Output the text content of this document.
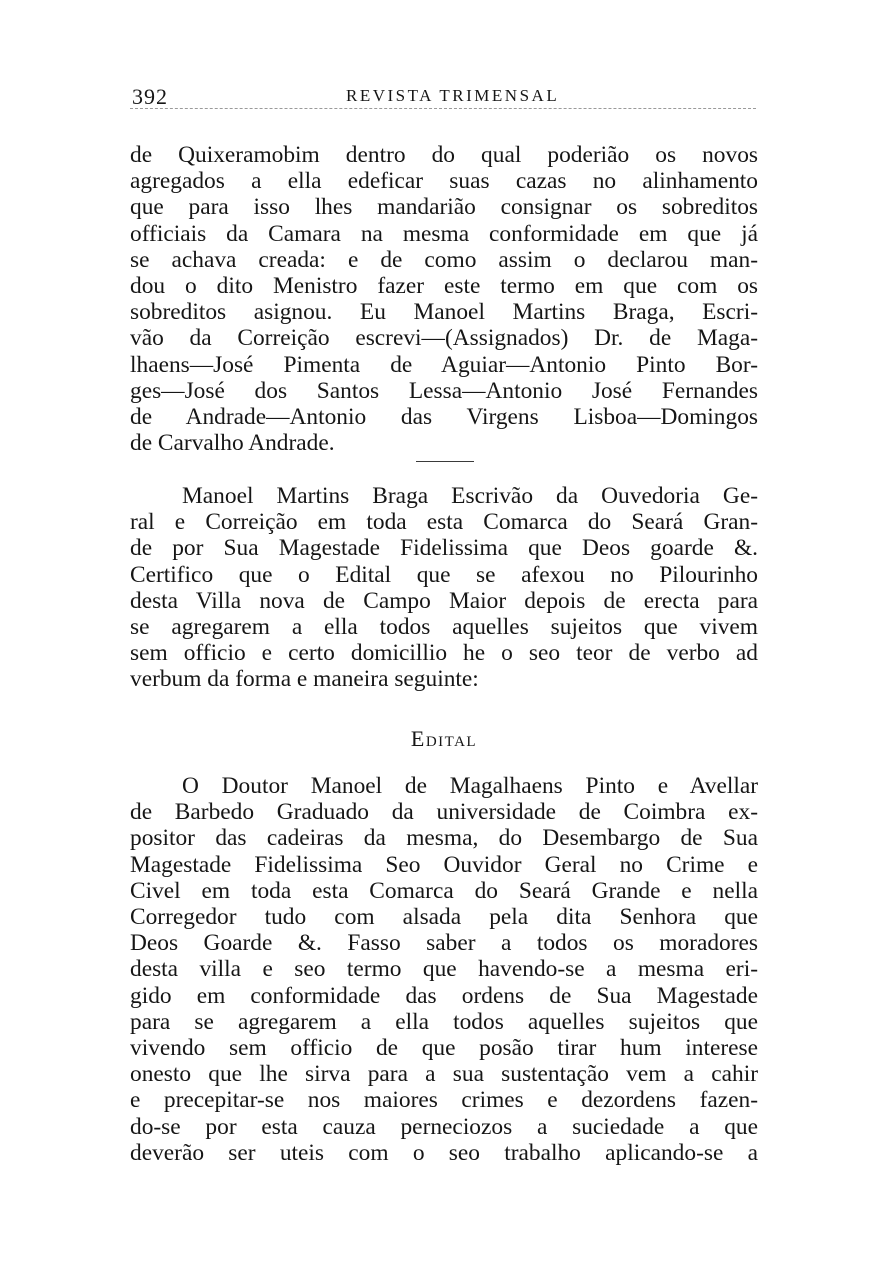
392	REVISTA TRIMENSAL
de Quixeramobim dentro do qual poderião os novos
agregados a ella edeficar suas cazas no alinhamento
que para isso lhes mandarião consignar os sobreditos
officiais da Camara na mesma conformidade em que já
se achava creada: e de como assim o declarou man-
dou o dito Menistro fazer este termo em que com os
sobreditos asignou. Eu Manoel Martins Braga, Escri-
vão da Correição escrevi—(Assignados) Dr. de Maga-
lhaens—José Pimenta de Aguiar—Antonio Pinto Bor-
ges—José dos Santos Lessa—Antonio José Fernandes
de Andrade—Antonio das Virgens Lisboa—Domingos
de Carvalho Andrade.
Manoel Martins Braga Escrivão da Ouvedoria Ge-
ral e Correição em toda esta Comarca do Seará Gran-
de por Sua Magestade Fidelissima que Deos goarde &.
Certifico que o Edital que se afexou no Pilourinho
desta Villa nova de Campo Maior depois de erecta para
se agregarem a ella todos aquelles sujeitos que vivem
sem officio e certo domicillio he o seo teor de verbo ad
verbum da forma e maneira seguinte:
Edital
O Doutor Manoel de Magalhaens Pinto e Avellar
de Barbedo Graduado da universidade de Coimbra ex-
positor das cadeiras da mesma, do Desembargo de Sua
Magestade Fidelissima Seo Ouvidor Geral no Crime e
Civel em toda esta Comarca do Seará Grande e nella
Corregedor tudo com alsada pela dita Senhora que
Deos Goarde &. Fasso saber a todos os moradores
desta villa e seo termo que havendo-se a mesma eri-
gido em conformidade das ordens de Sua Magestade
para se agregarem a ella todos aquelles sujeitos que
vivendo sem officio de que posão tirar hum interese
onesto que lhe sirva para a sua sustentação vem a cahir
e precepitar-se nos maiores crimes e dezordens fazen-
do-se por esta cauza perneciozos a suciedade a que
deverão ser uteis com o seo trabalho aplicando-se a
